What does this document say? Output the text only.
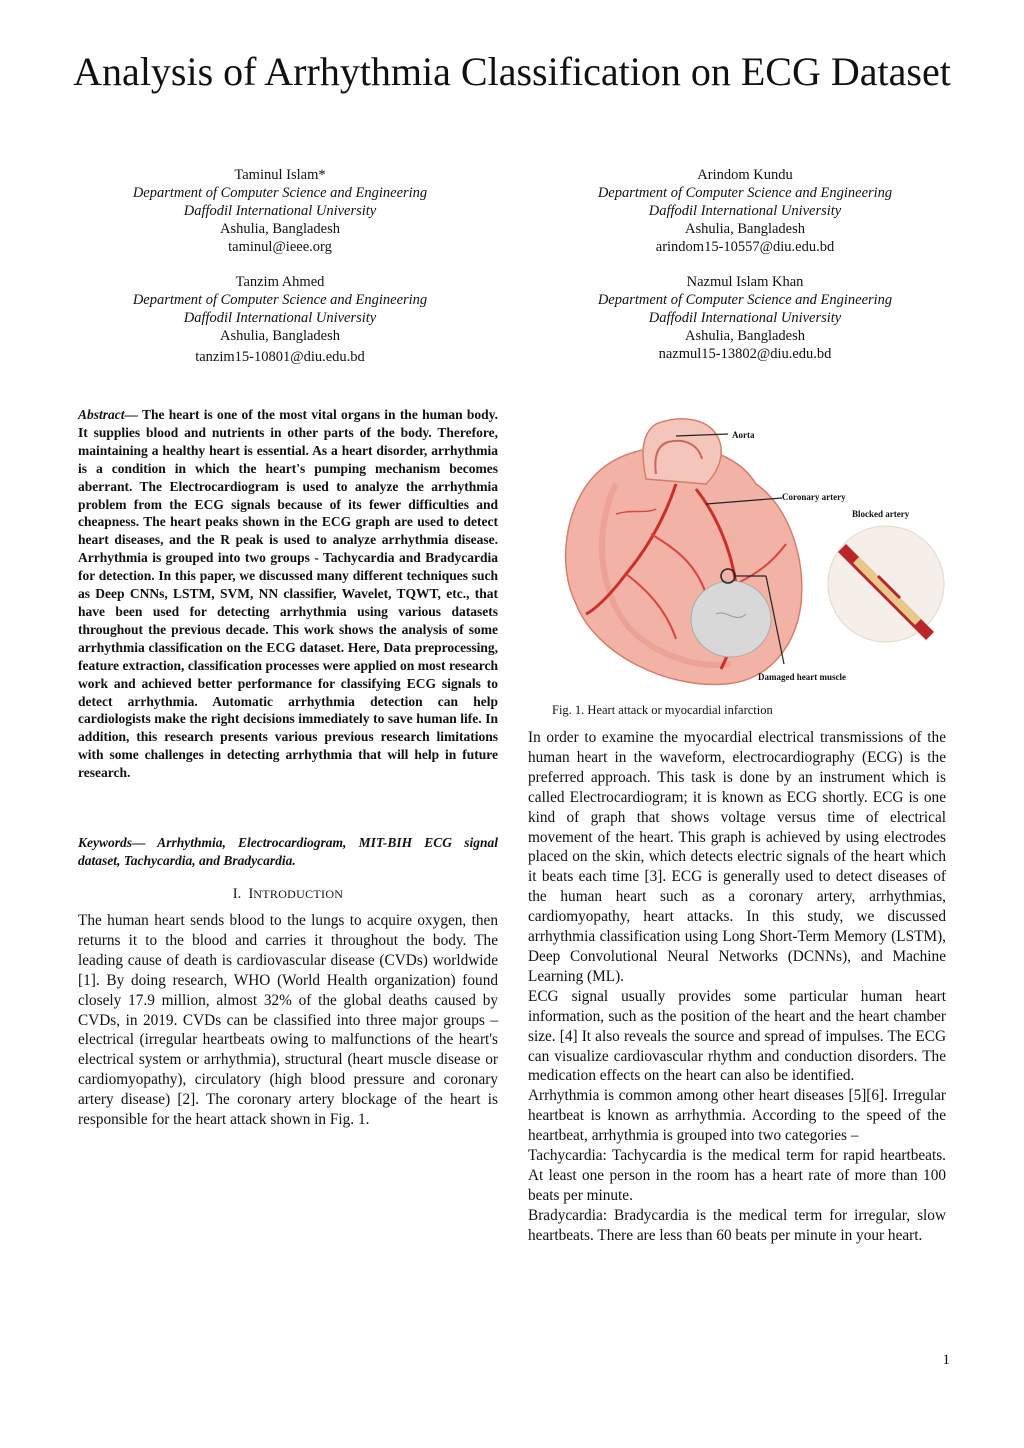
Analysis of Arrhythmia Classification on ECG Dataset
Taminul Islam*
Department of Computer Science and Engineering
Daffodil International University
Ashulia, Bangladesh
taminul@ieee.org
Arindom Kundu
Department of Computer Science and Engineering
Daffodil International University
Ashulia, Bangladesh
arindom15-10557@diu.edu.bd
Tanzim Ahmed
Department of Computer Science and Engineering
Daffodil International University
Ashulia, Bangladesh
tanzim15-10801@diu.edu.bd
Nazmul Islam Khan
Department of Computer Science and Engineering
Daffodil International University
Ashulia, Bangladesh
nazmul15-13802@diu.edu.bd
Abstract— The heart is one of the most vital organs in the human body. It supplies blood and nutrients in other parts of the body. Therefore, maintaining a healthy heart is essential. As a heart disorder, arrhythmia is a condition in which the heart's pumping mechanism becomes aberrant. The Electrocardiogram is used to analyze the arrhythmia problem from the ECG signals because of its fewer difficulties and cheapness. The heart peaks shown in the ECG graph are used to detect heart diseases, and the R peak is used to analyze arrhythmia disease. Arrhythmia is grouped into two groups - Tachycardia and Bradycardia for detection. In this paper, we discussed many different techniques such as Deep CNNs, LSTM, SVM, NN classifier, Wavelet, TQWT, etc., that have been used for detecting arrhythmia using various datasets throughout the previous decade. This work shows the analysis of some arrhythmia classification on the ECG dataset. Here, Data preprocessing, feature extraction, classification processes were applied on most research work and achieved better performance for classifying ECG signals to detect arrhythmia. Automatic arrhythmia detection can help cardiologists make the right decisions immediately to save human life. In addition, this research presents various previous research limitations with some challenges in detecting arrhythmia that will help in future research.
Keywords— Arrhythmia, Electrocardiogram, MIT-BIH ECG signal dataset, Tachycardia, and Bradycardia.
I. INTRODUCTION
The human heart sends blood to the lungs to acquire oxygen, then returns it to the blood and carries it throughout the body. The leading cause of death is cardiovascular disease (CVDs) worldwide [1]. By doing research, WHO (World Health organization) found closely 17.9 million, almost 32% of the global deaths caused by CVDs, in 2019. CVDs can be classified into three major groups – electrical (irregular heartbeats owing to malfunctions of the heart's electrical system or arrhythmia), structural (heart muscle disease or cardiomyopathy), circulatory (high blood pressure and coronary artery disease) [2]. The coronary artery blockage of the heart is responsible for the heart attack shown in Fig. 1.
Aorta
Coronary artery
Blocked artery
Damaged heart muscle
Fig. 1. Heart attack or myocardial infarction

In order to examine the myocardial electrical transmissions of the human heart in the waveform, electrocardiography (ECG) is the preferred approach. This task is done by an instrument which is called Electrocardiogram; it is known as ECG shortly. ECG is one kind of graph that shows voltage versus time of electrical movement of the heart. This graph is achieved by using electrodes placed on the skin, which detects electric signals of the heart which it beats each time [3]. ECG is generally used to detect diseases of the human heart such as a coronary artery, arrhythmias, cardiomyopathy, heart attacks. In this study, we discussed arrhythmia classification using Long Short-Term Memory (LSTM), Deep Convolutional Neural Networks (DCNNs), and Machine Learning (ML).

ECG signal usually provides some particular human heart information, such as the position of the heart and the heart chamber size. [4] It also reveals the source and spread of impulses. The ECG can visualize cardiovascular rhythm and conduction disorders. The medication effects on the heart can also be identified.

Arrhythmia is common among other heart diseases [5][6]. Irregular heartbeat is known as arrhythmia. According to the speed of the heartbeat, arrhythmia is grouped into two categories –

Tachycardia: Tachycardia is the medical term for rapid heartbeats. At least one person in the room has a heart rate of more than 100 beats per minute.

Bradycardia: Bradycardia is the medical term for irregular, slow heartbeats. There are less than 60 beats per minute in your heart.

1
